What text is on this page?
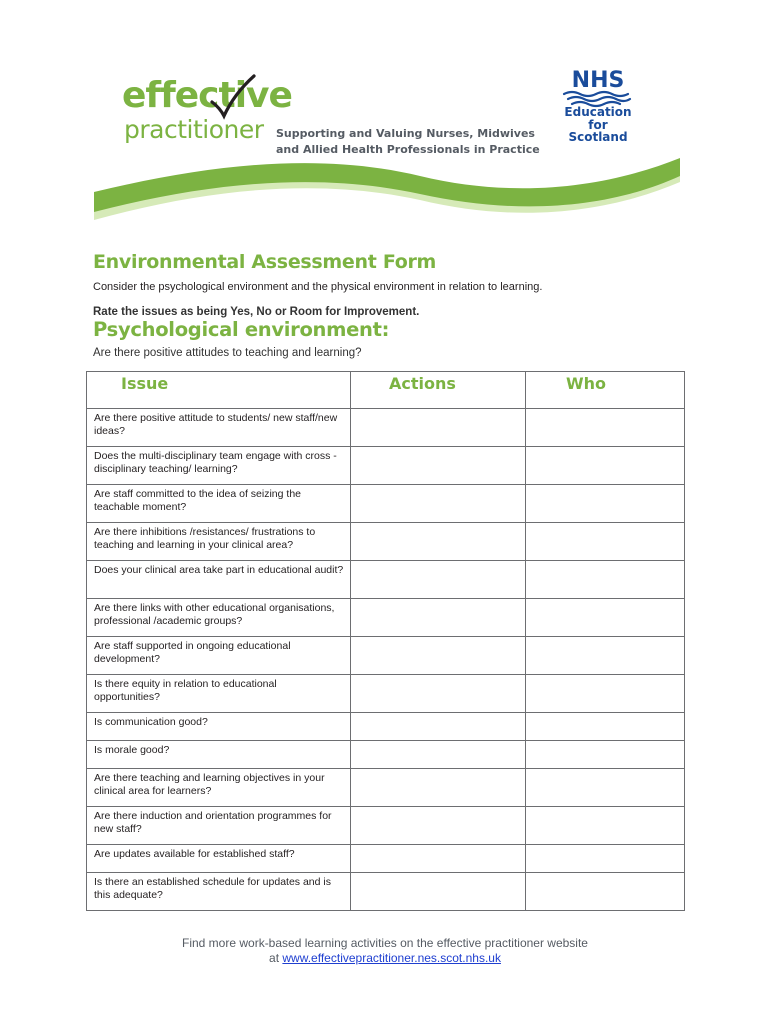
effective
practitioner Supporting and Valuing Nurses, Midwives
and Allied Health Professionals in Practice
NHS
Education
for
Scotland
Environmental Assessment Form

Consider the psychological environment and the physical environment in relation to learning.

Rate the issues as being Yes, No or Room for Improvement.

Psychological environment:

Are there positive attitudes to teaching and learning?

Issue	Actions	Who
Are there positive attitude to students/ new staff/new ideas?		
Does the multi-disciplinary team engage with cross -disciplinary teaching/ learning?		
Are staff committed to the idea of seizing the teachable moment?		
Are there inhibitions /resistances/ frustrations to teaching and learning in your clinical area?		
Does your clinical area take part in educational audit?		
Are there links with other educational organisations, professional /academic groups?		
Are staff supported in ongoing educational development?		
Is there equity in relation to educational opportunities?		
Is communication good?		
Is morale good?		
Are there teaching and learning objectives in your clinical area for learners?		
Are there induction and orientation programmes for new staff?		
Are updates available for established staff?		
Is there an established schedule for updates and is this adequate?		
Find more work-based learning activities on the effective practitioner website
at www.effectivepractitioner.nes.scot.nhs.uk
